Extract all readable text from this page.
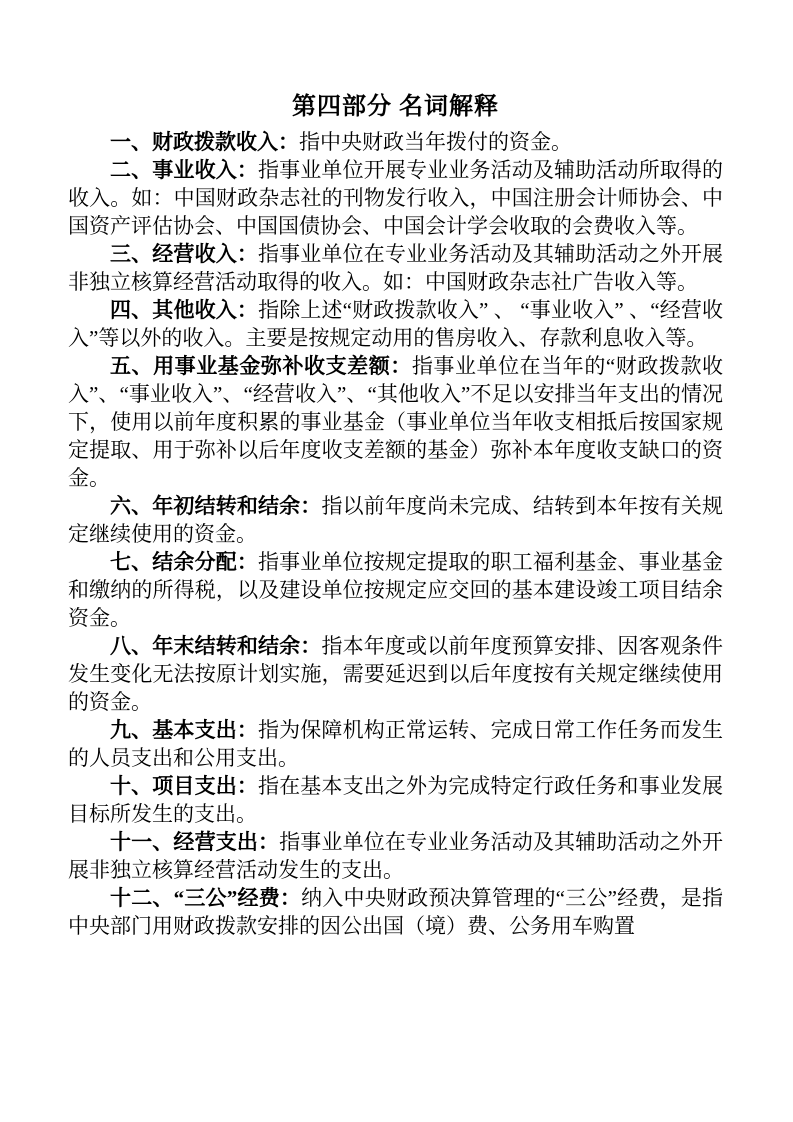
第四部分 名词解释

一、财政拨款收入：指中央财政当年拨付的资金。

二、事业收入：指事业单位开展专业业务活动及辅助活动所取得的收入。如：中国财政杂志社的刊物发行收入，中国注册会计师协会、中国资产评估协会、中国国债协会、中国会计学会收取的会费收入等。

三、经营收入：指事业单位在专业业务活动及其辅助活动之外开展非独立核算经营活动取得的收入。如：中国财政杂志社广告收入等。

四、其他收入：指除上述“财政拨款收入” 、 “事业收入” 、“经营收入”等以外的收入。主要是按规定动用的售房收入、存款利息收入等。

五、用事业基金弥补收支差额：指事业单位在当年的“财政拨款收入”、“事业收入”、“经营收入”、“其他收入”不足以安排当年支出的情况下，使用以前年度积累的事业基金（事业单位当年收支相抵后按国家规定提取、用于弥补以后年度收支差额的基金）弥补本年度收支缺口的资金。

六、年初结转和结余：指以前年度尚未完成、结转到本年按有关规定继续使用的资金。

七、结余分配：指事业单位按规定提取的职工福利基金、事业基金和缴纳的所得税，以及建设单位按规定应交回的基本建设竣工项目结余资金。

八、年末结转和结余：指本年度或以前年度预算安排、因客观条件发生变化无法按原计划实施，需要延迟到以后年度按有关规定继续使用的资金。

九、基本支出：指为保障机构正常运转、完成日常工作任务而发生的人员支出和公用支出。

十、项目支出：指在基本支出之外为完成特定行政任务和事业发展目标所发生的支出。

十一、经营支出：指事业单位在专业业务活动及其辅助活动之外开展非独立核算经营活动发生的支出。

十二、“三公”经费：纳入中央财政预决算管理的“三公”经费，是指中央部门用财政拨款安排的因公出国（境）费、公务用车购置
